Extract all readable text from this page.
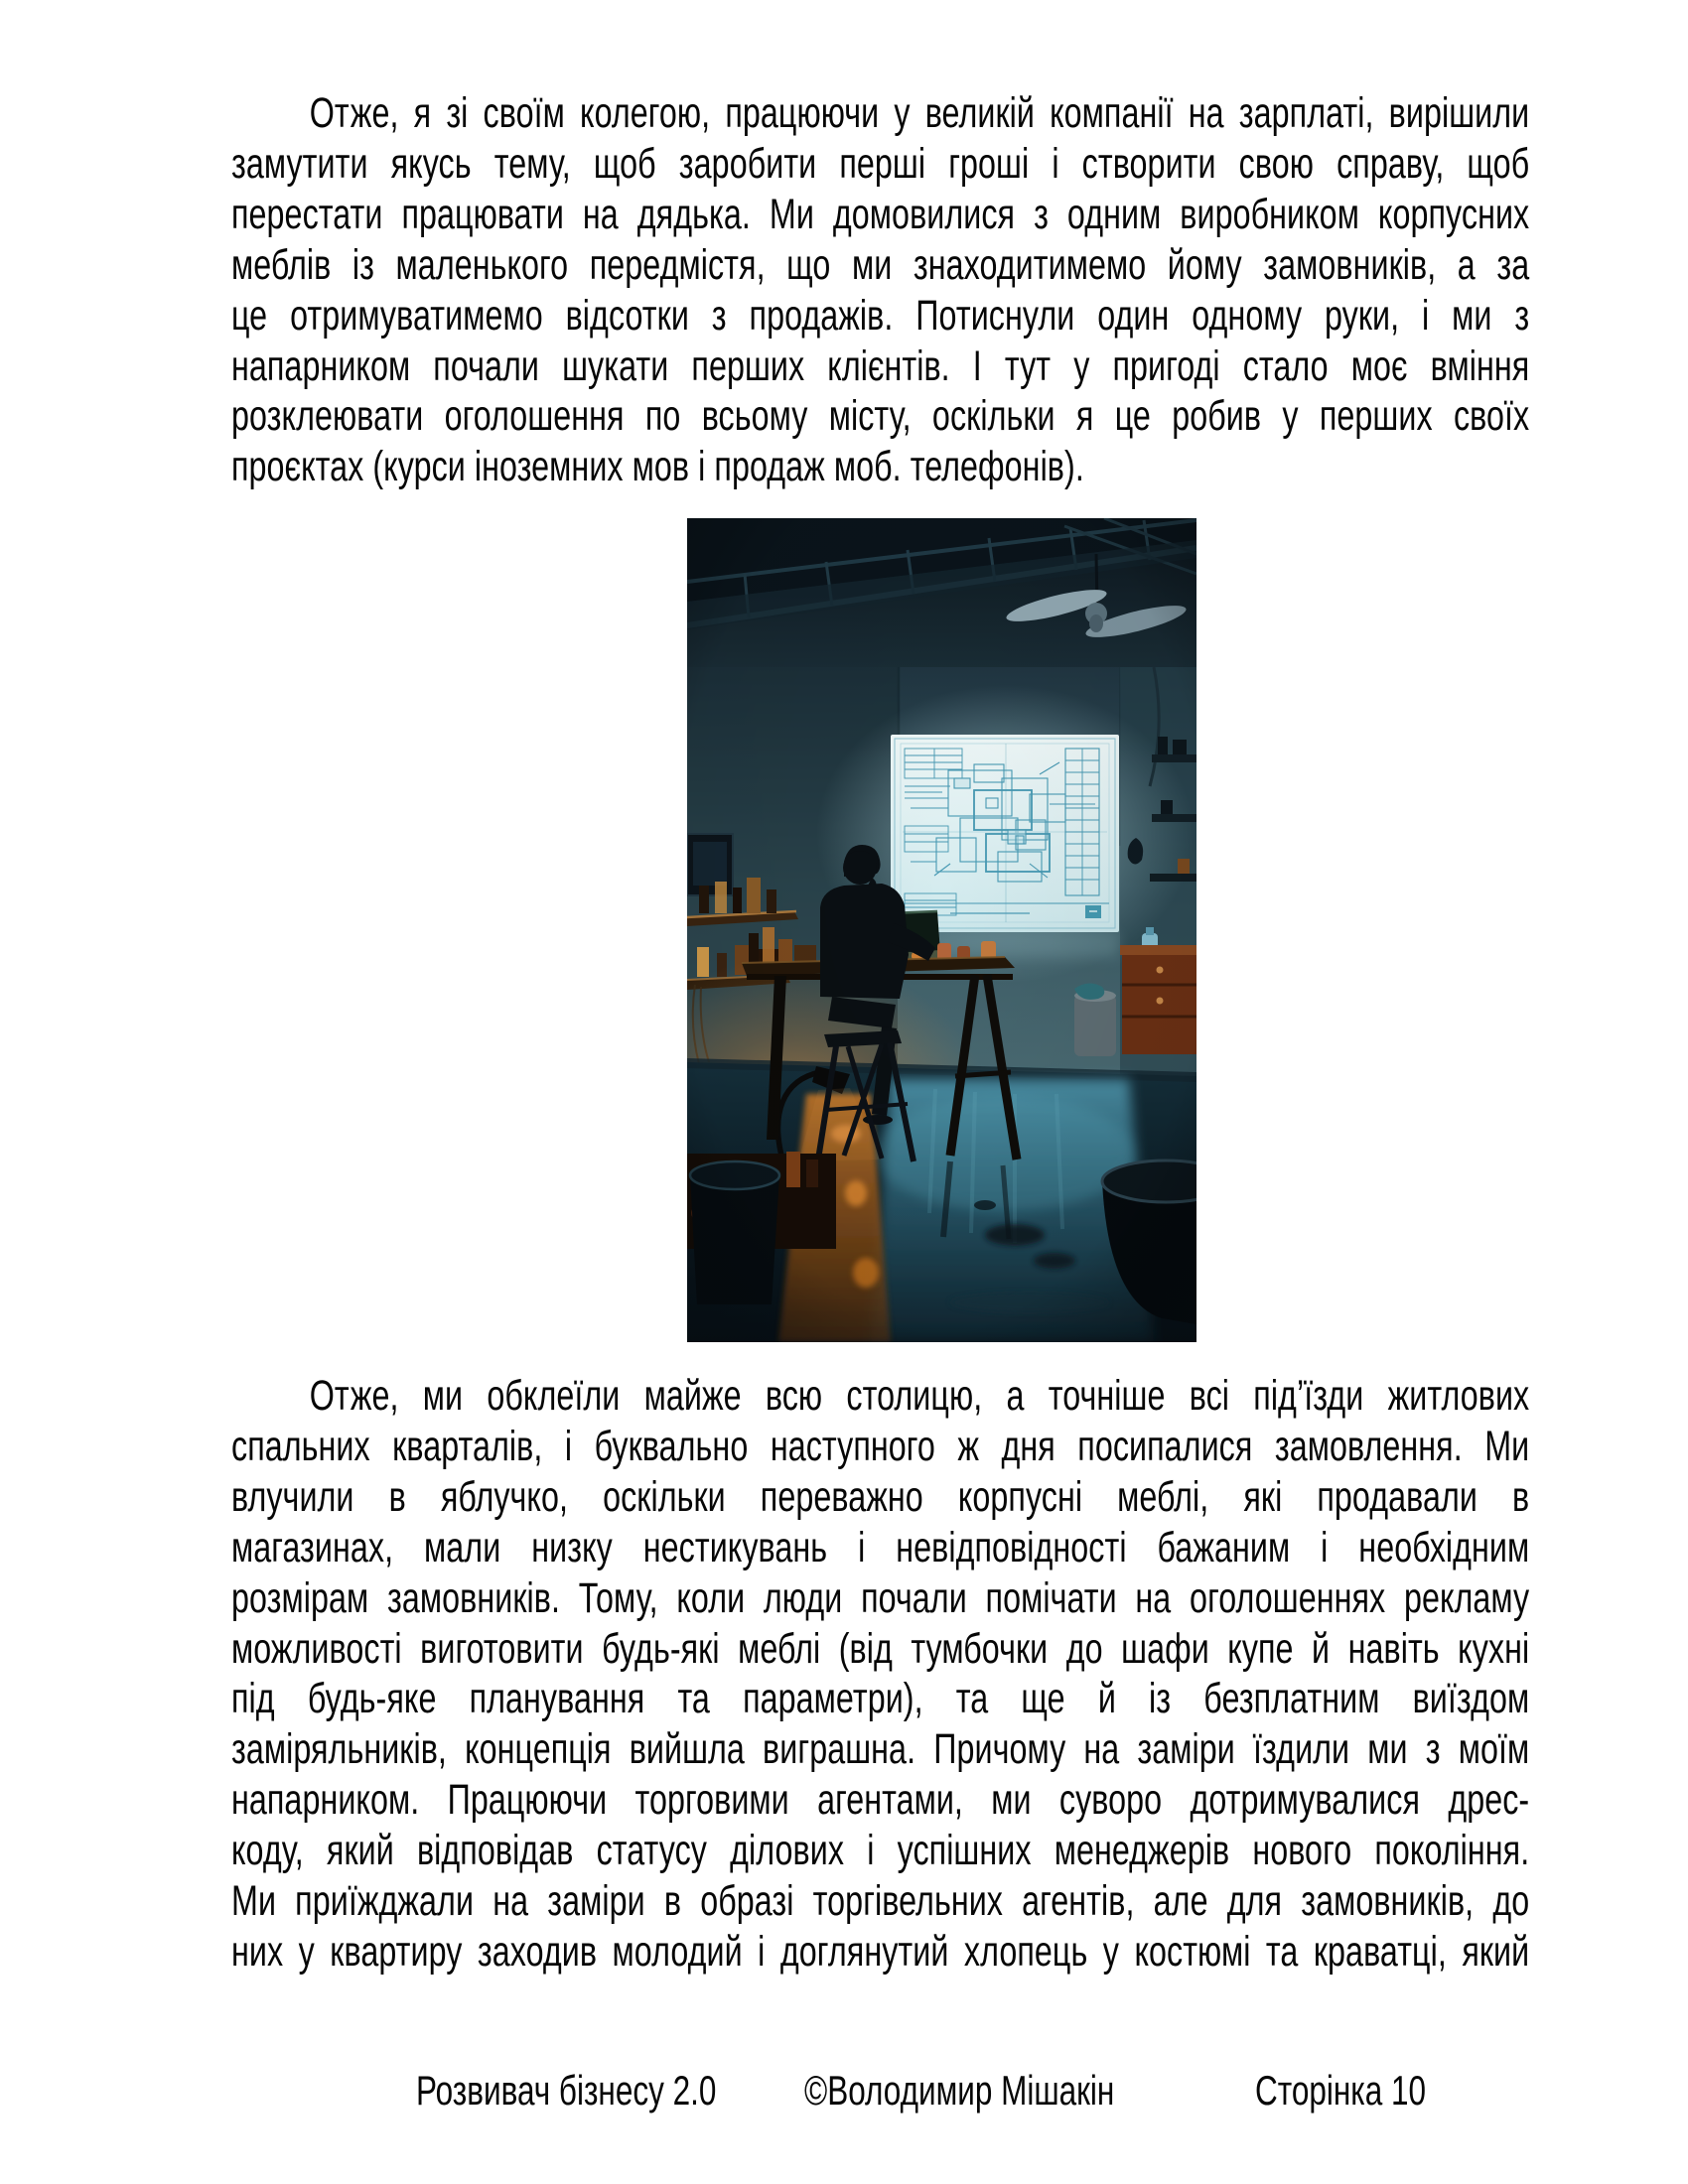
Отже, я зі своїм колегою, працюючи у великій компанії на зарплаті, вирішили
замутити якусь тему, щоб заробити перші гроші і створити свою справу, щоб
перестати працювати на дядька. Ми домовилися з одним виробником корпусних
меблів із маленького передмістя, що ми знаходитимемо йому замовників, а за
це отримуватимемо відсотки з продажів. Потиснули один одному руки, і ми з
напарником почали шукати перших клієнтів. І тут у пригоді стало моє вміння
розклеювати оголошення по всьому місту, оскільки я це робив у перших своїх
проєктах (курси іноземних мов і продаж моб. телефонів).
Отже, ми обклеїли майже всю столицю, а точніше всі під’їзди житлових
спальних кварталів, і буквально наступного ж дня посипалися замовлення. Ми
влучили в яблучко, оскільки переважно корпусні меблі, які продавали в
магазинах, мали низку нестикувань і невідповідності бажаним і необхідним
розмірам замовників. Тому, коли люди почали помічати на оголошеннях рекламу
можливості виготовити будь-які меблі (від тумбочки до шафи купе й навіть кухні
під будь-яке планування та параметри), та ще й із безплатним виїздом
заміряльників, концепція вийшла виграшна. Причому на заміри їздили ми з моїм
напарником. Працюючи торговими агентами, ми суворо дотримувалися дрес-
коду, який відповідав статусу ділових і успішних менеджерів нового покоління.
Ми приїжджали на заміри в образі торгівельних агентів, але для замовників, до
них у квартиру заходив молодий і доглянутий хлопець у костюмі та краватці, який
Розвивач бізнесу 2.0 ©Володимир Мішакін	Сторінка 10
